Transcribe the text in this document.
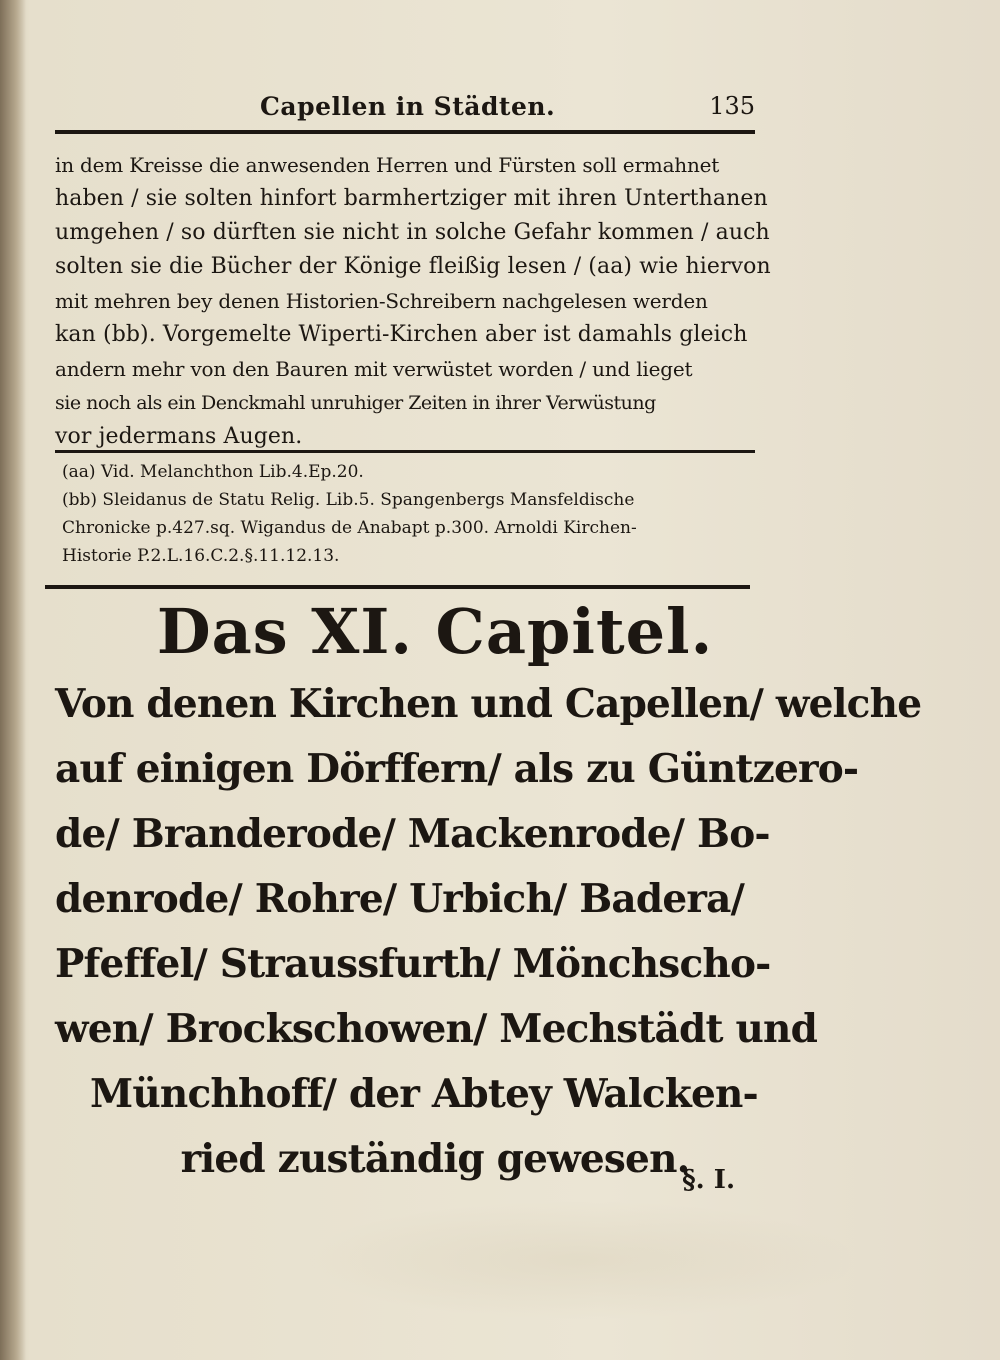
Capellen in Städten.	135
in dem Kreisse die anwesenden Herren und Fürsten soll ermahnet
haben / sie solten hinfort barmhertziger mit ihren Unterthanen
umgehen / so dürften sie nicht in solche Gefahr kommen / auch
solten sie die Bücher der Könige fleißig lesen / (aa) wie hiervon
mit mehren bey denen Historien-Schreibern nachgelesen werden
kan (bb). Vorgemelte Wiperti-Kirchen aber ist damahls gleich
andern mehr von den Bauren mit verwüstet worden / und lieget
sie noch als ein Denckmahl unruhiger Zeiten in ihrer Verwüstung
vor jedermans Augen.
(aa) Vid. Melanchthon Lib.4.Ep.20.
(bb) Sleidanus de Statu Relig. Lib.5. Spangenbergs Mansfeldische
Chronicke p.427.sq. Wigandus de Anabapt p.300. Arnoldi Kirchen-
Historie P.2.L.16.C.2.§.11.12.13.
Das XI. Capitel.
Von denen Kirchen und Capellen/ welche
auf einigen Dörffern/ als zu Güntzero-
de/ Branderode/ Mackenrode/ Bo-
denrode/ Rohre/ Urbich/ Badera/
Pfeffel/ Straussfurth/ Mönchscho-
wen/ Brockschowen/ Mechstädt und
Münchhoff/ der Abtey Walcken-
ried zuständig gewesen.
§. I.
